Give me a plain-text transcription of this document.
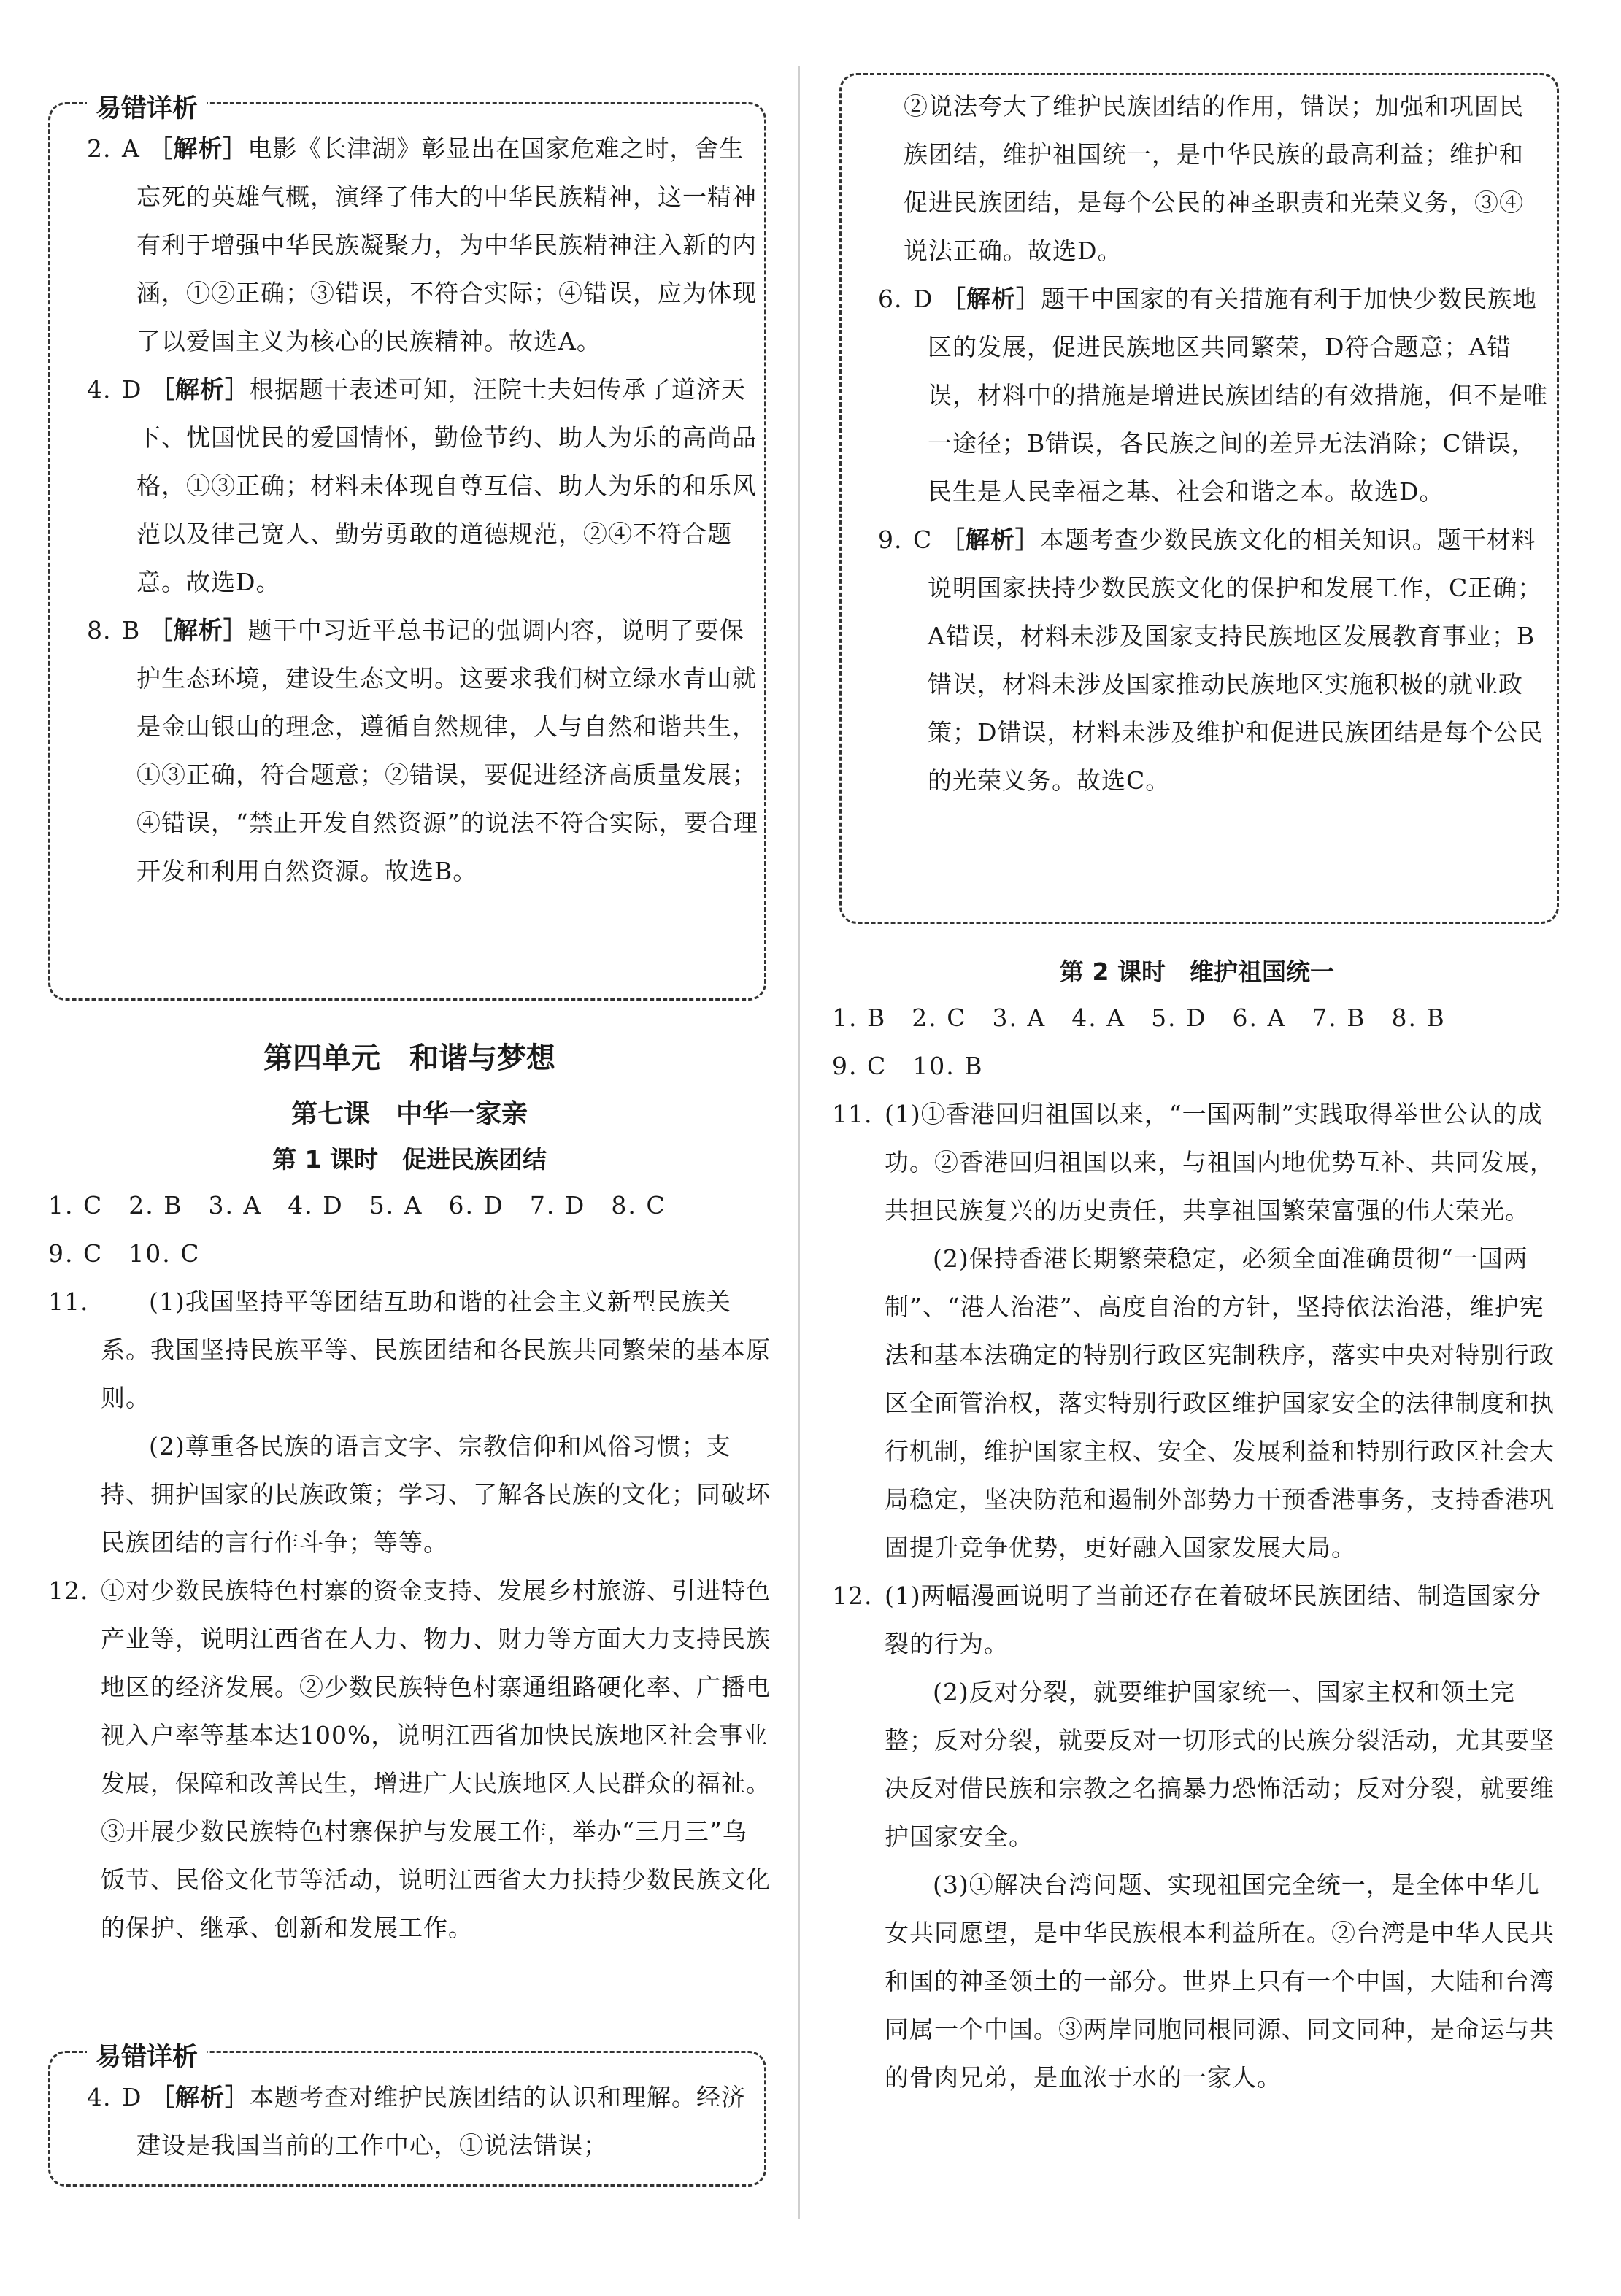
易错详析
2. A ［解析］电影《长津湖》彰显出在国家危难之时，舍生忘死的英雄气概，演绎了伟大的中华民族精神，这一精神有利于增强中华民族凝聚力，为中华民族精神注入新的内涵，①②正确；③错误，不符合实际；④错误，应为体现了以爱国主义为核心的民族精神。故选A。
4. D ［解析］根据题干表述可知，汪院士夫妇传承了道济天下、忧国忧民的爱国情怀，勤俭节约、助人为乐的高尚品格，①③正确；材料未体现自尊互信、助人为乐的和乐风范以及律己宽人、勤劳勇敢的道德规范，②④不符合题意。故选D。
8. B ［解析］题干中习近平总书记的强调内容，说明了要保护生态环境，建设生态文明。这要求我们树立绿水青山就是金山银山的理念，遵循自然规律，人与自然和谐共生，①③正确，符合题意；②错误，要促进经济高质量发展；④错误，“禁止开发自然资源”的说法不符合实际，要合理开发和利用自然资源。故选B。
第四单元　和谐与梦想
第七课　中华一家亲
第 1 课时　促进民族团结
1. C　2. B　3. A　4. D　5. A　6. D　7. D　8. C
9. C　10. C
11.	(1)我国坚持平等团结互助和谐的社会主义新型民族关系。我国坚持民族平等、民族团结和各民族共同繁荣的基本原则。
(2)尊重各民族的语言文字、宗教信仰和风俗习惯；支持、拥护国家的民族政策；学习、了解各民族的文化；同破坏民族团结的言行作斗争；等等。
12. ①对少数民族特色村寨的资金支持、发展乡村旅游、引进特色产业等，说明江西省在人力、物力、财力等方面大力支持民族地区的经济发展。②少数民族特色村寨通组路硬化率、广播电视入户率等基本达100%，说明江西省加快民族地区社会事业发展，保障和改善民生，增进广大民族地区人民群众的福祉。③开展少数民族特色村寨保护与发展工作，举办“三月三”乌饭节、民俗文化节等活动，说明江西省大力扶持少数民族文化的保护、继承、创新和发展工作。
易错详析
4. D ［解析］本题考查对维护民族团结的认识和理解。经济建设是我国当前的工作中心，①说法错误；
②说法夸大了维护民族团结的作用，错误；加强和巩固民族团结，维护祖国统一，是中华民族的最高利益；维护和促进民族团结，是每个公民的神圣职责和光荣义务，③④说法正确。故选D。
6. D ［解析］题干中国家的有关措施有利于加快少数民族地区的发展，促进民族地区共同繁荣，D符合题意；A错误，材料中的措施是增进民族团结的有效措施，但不是唯一途径；B错误，各民族之间的差异无法消除；C错误，民生是人民幸福之基、社会和谐之本。故选D。
9. C ［解析］本题考查少数民族文化的相关知识。题干材料说明国家扶持少数民族文化的保护和发展工作，C正确；A错误，材料未涉及国家支持民族地区发展教育事业；B错误，材料未涉及国家推动民族地区实施积极的就业政策；D错误，材料未涉及维护和促进民族团结是每个公民的光荣义务。故选C。
第 2 课时　维护祖国统一
1. B　2. C　3. A　4. A　5. D　6. A　7. B　8. B
9. C　10. B
11. (1)①香港回归祖国以来，“一国两制”实践取得举世公认的成功。②香港回归祖国以来，与祖国内地优势互补、共同发展，共担民族复兴的历史责任，共享祖国繁荣富强的伟大荣光。
(2)保持香港长期繁荣稳定，必须全面准确贯彻“一国两制”、“港人治港”、高度自治的方针，坚持依法治港，维护宪法和基本法确定的特别行政区宪制秩序，落实中央对特别行政区全面管治权，落实特别行政区维护国家安全的法律制度和执行机制，维护国家主权、安全、发展利益和特别行政区社会大局稳定，坚决防范和遏制外部势力干预香港事务，支持香港巩固提升竞争优势，更好融入国家发展大局。
12. (1)两幅漫画说明了当前还存在着破坏民族团结、制造国家分裂的行为。
(2)反对分裂，就要维护国家统一、国家主权和领土完整；反对分裂，就要反对一切形式的民族分裂活动，尤其要坚决反对借民族和宗教之名搞暴力恐怖活动；反对分裂，就要维护国家安全。
(3)①解决台湾问题、实现祖国完全统一，是全体中华儿女共同愿望，是中华民族根本利益所在。②台湾是中华人民共和国的神圣领土的一部分。世界上只有一个中国，大陆和台湾同属一个中国。③两岸同胞同根同源、同文同种，是命运与共的骨肉兄弟，是血浓于水的一家人。
